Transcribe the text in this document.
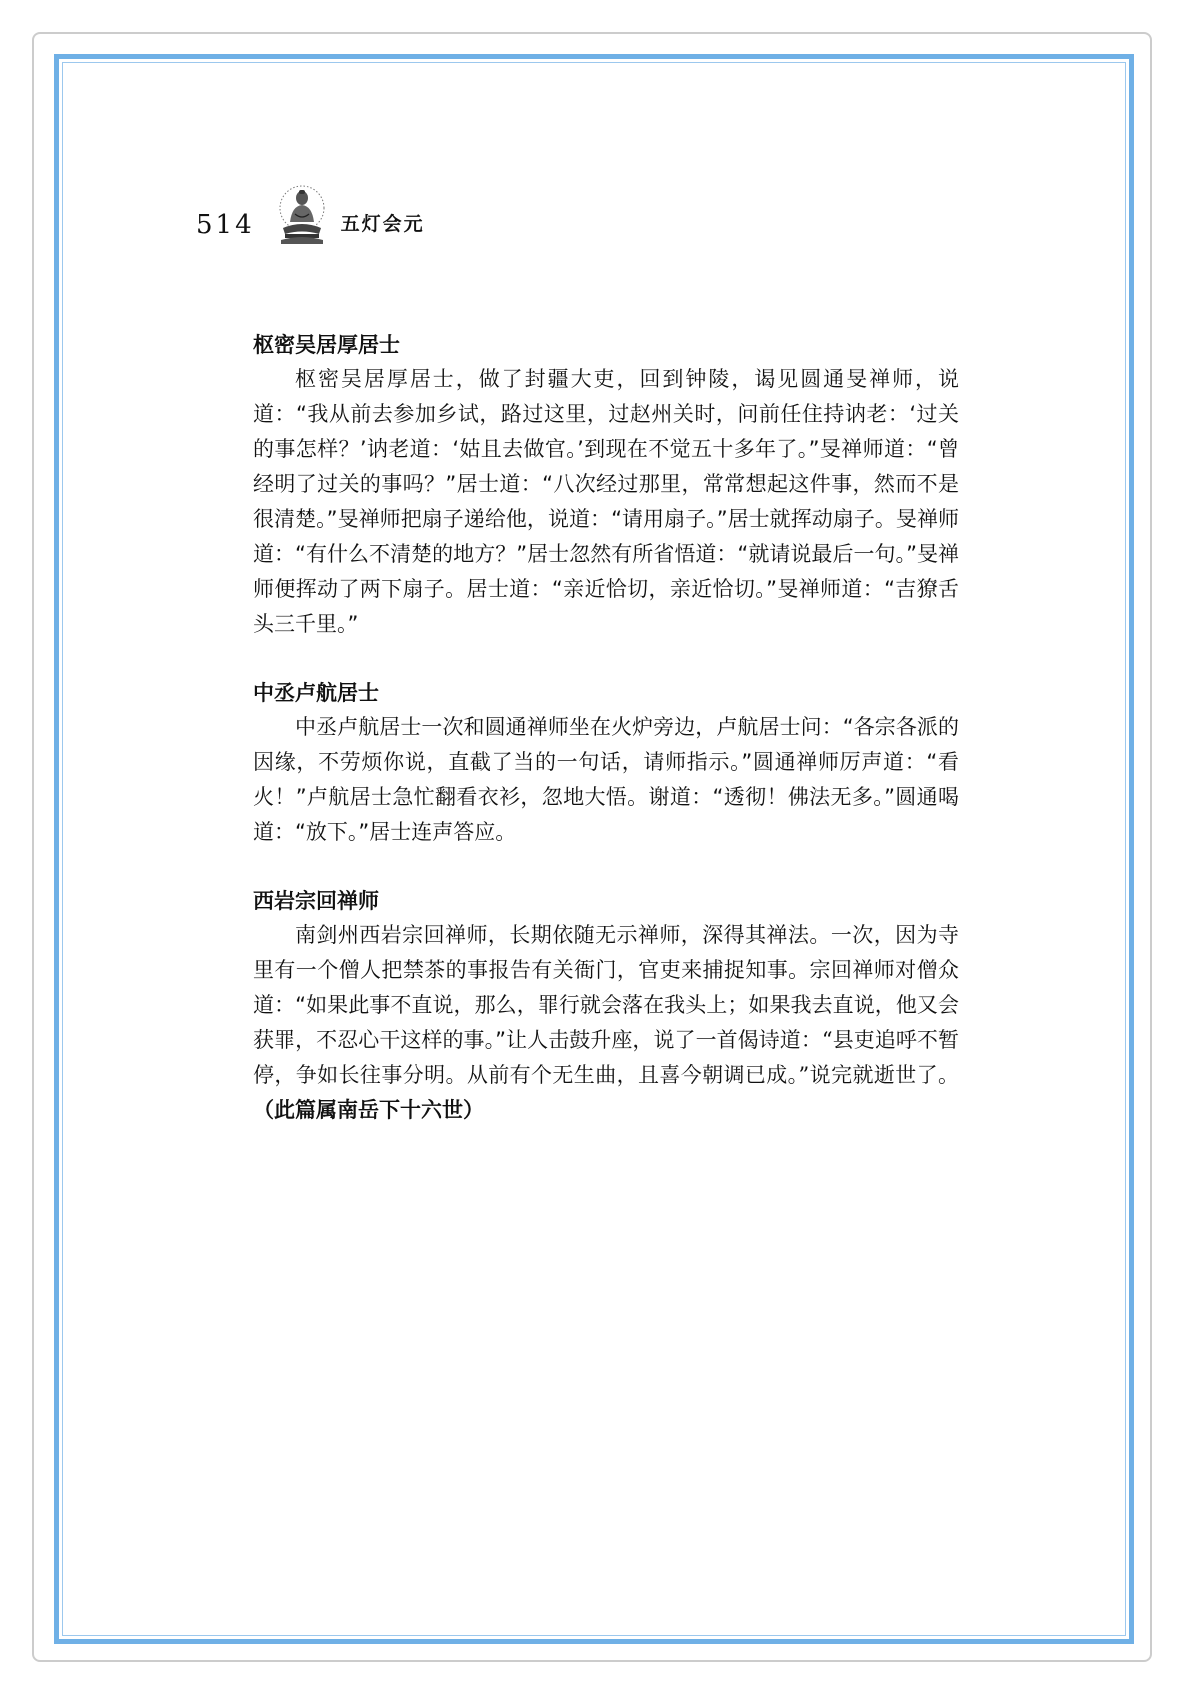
514	五灯会元
枢密吴居厚居士

枢密吴居厚居士，做了封疆大吏，回到钟陵，谒见圆通旻禅师，说道：“我从前去参加乡试，路过这里，过赵州关时，问前任住持讷老：‘过关的事怎样？’讷老道：‘姑且去做官。’到现在不觉五十多年了。”旻禅师道：“曾经明了过关的事吗？”居士道：“八次经过那里，常常想起这件事，然而不是很清楚。”旻禅师把扇子递给他，说道：“请用扇子。”居士就挥动扇子。旻禅师道：“有什么不清楚的地方？”居士忽然有所省悟道：“就请说最后一句。”旻禅师便挥动了两下扇子。居士道：“亲近恰切，亲近恰切。”旻禅师道：“吉獠舌头三千里。”

中丞卢航居士

中丞卢航居士一次和圆通禅师坐在火炉旁边，卢航居士问：“各宗各派的因缘，不劳烦你说，直截了当的一句话，请师指示。”圆通禅师厉声道：“看火！”卢航居士急忙翻看衣衫，忽地大悟。谢道：“透彻！佛法无多。”圆通喝道：“放下。”居士连声答应。

西岩宗回禅师

南剑州西岩宗回禅师，长期依随无示禅师，深得其禅法。一次，因为寺里有一个僧人把禁茶的事报告有关衙门，官吏来捕捉知事。宗回禅师对僧众道：“如果此事不直说，那么，罪行就会落在我头上；如果我去直说，他又会获罪，不忍心干这样的事。”让人击鼓升座，说了一首偈诗道：“县吏追呼不暂停，争如长往事分明。从前有个无生曲，且喜今朝调已成。”说完就逝世了。（此篇属南岳下十六世）
